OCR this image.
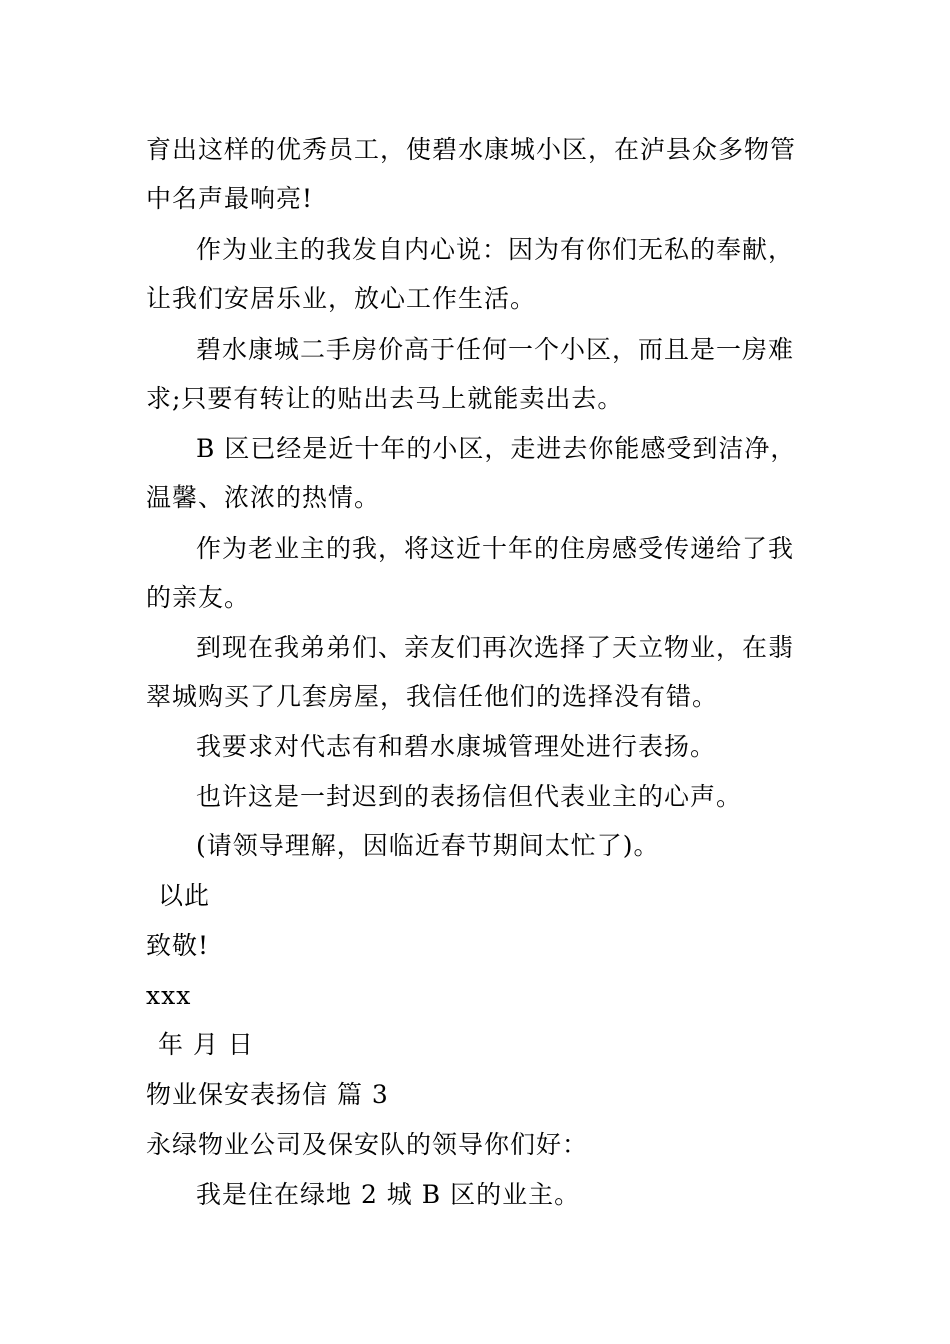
育出这样的优秀员工，使碧水康城小区，在泸县众多物管
中名声最响亮!
作为业主的我发自内心说：因为有你们无私的奉献，
让我们安居乐业，放心工作生活。
碧水康城二手房价高于任何一个小区，而且是一房难
求;只要有转让的贴出去马上就能卖出去。
B 区已经是近十年的小区，走进去你能感受到洁净，
温馨、浓浓的热情。
作为老业主的我，将这近十年的住房感受传递给了我
的亲友。
到现在我弟弟们、亲友们再次选择了天立物业，在翡
翠城购买了几套房屋，我信任他们的选择没有错。
我要求对代志有和碧水康城管理处进行表扬。
也许这是一封迟到的表扬信但代表业主的心声。
(请领导理解，因临近春节期间太忙了)。
以此
致敬!
xxx
年 月 日
物业保安表扬信 篇 3
永绿物业公司及保安队的领导你们好：
我是住在绿地 2 城 B 区的业主。
